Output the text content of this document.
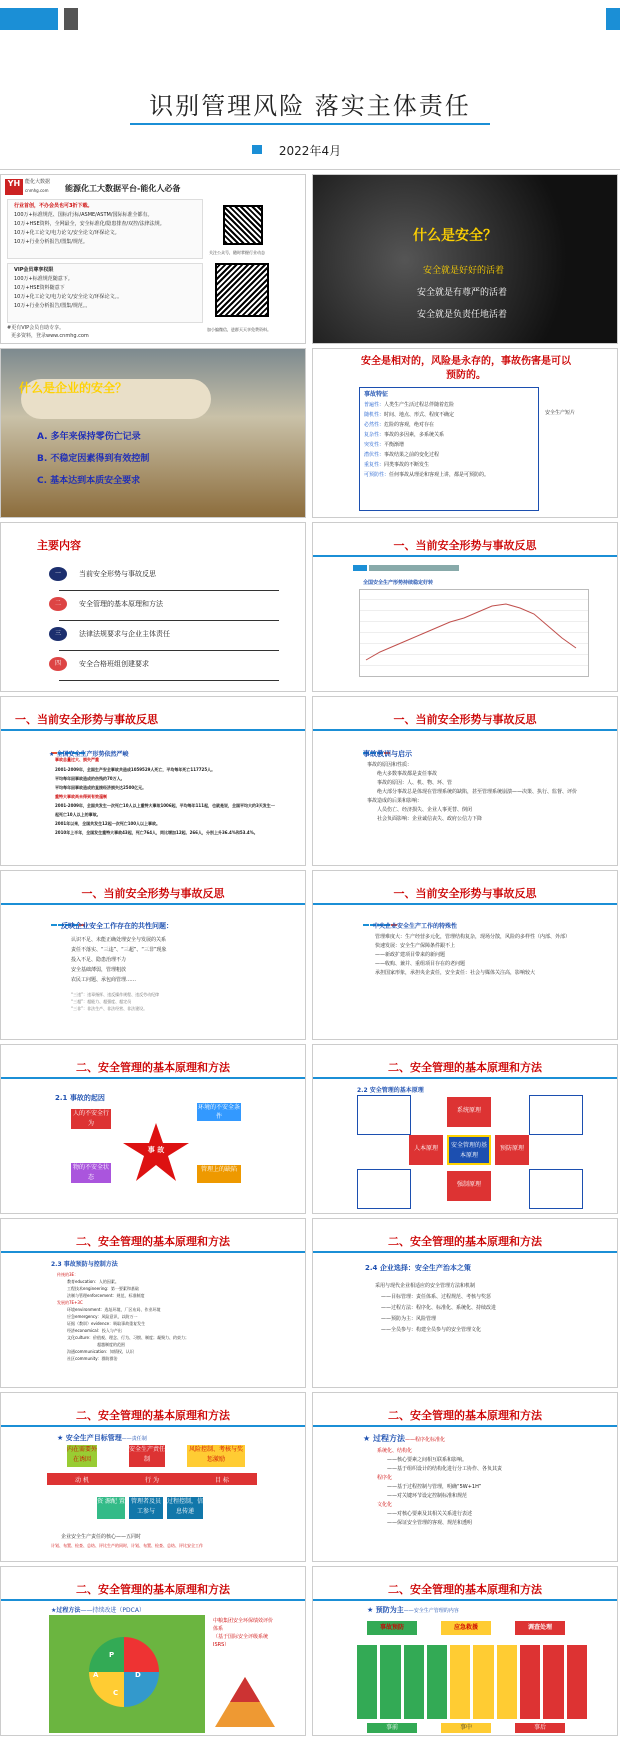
识别管理风险 落实主体责任
2022年4月
YH 能化大数据
cnmhg.com 能源化工大数据平台-能化人必备
行业首创，不办会员也可3折下载。
100万+标准规范、国标/行标/ASME/ASTM/国际标准全都有。
10万+HSE资料，全网最全，安全标准化/隐患排查/双控/法律法规。
10万+化工论文/电力论文/安全论文/环保论文。
10万+行业分析报告/图集/规范。
VIP会员尊享权限
100万+标准规范随意下。
10万+HSE资料随意下
10万+化工论文/电力论文/安全论文/环保论文。。
10万+行业分析报告/图集/规范。。
#更有VIP会员自助专享。
更多资料，登录www.cnmhg.com
关注公众号，随时掌握行业动态
加小编微信，进群天天享免费资料。
什么是安全？
安全就是好好的活着
安全就是有尊严的活着
安全就是负责任地活着
什么是企业的安全？
A. 多年来保持零伤亡记录
B. 不稳定因素得到有效控制
C. 基本达到本质安全要求
安全是相对的，风险是永存的，事故伤害是可以预防的。
事故特征
普遍性：人类生产生活过程总伴随着危险
随机性：时间、地点、形式、程度不确定
必然性：危险的客观，绝对存在
复杂性：事故的多因素，多系统关系
突发性：平衡渐增
潜伏性：事故结果之前的变化过程
重复性：同类事故的不断发生
可预防性：任何事故从理论和客观上讲，都是可预防的。
安全生产短片
主要内容
一	当前安全形势与事故反思
二	安全管理的基本原理和方法
三	法律法规要求与企业主体责任
四	安全合格班组创建要求
一、当前安全形势与事故反思
全国安全生产形势持续稳定好转
一、当前安全形势与事故反思
★ 全国安全生产形势依然严峻
事故总量过大、损失严重
2001-2009年，全国生产安全事故共造成1059529人死亡，平均每年死亡117725人。
平均每年因事故造成的伤残约70万人。
平均每年因事故造成的直接经济损失达2500亿元。
重特大事故尚未得到有效遏制
2001-2009年，全国共发生一次死亡10人以上重特大事故1006起，平均每年111起，也就是说，全国平均大约3天发生一起死亡10人以上的事故。
2001年以来，全国共发生12起一次死亡100人以上事故。
2010年上半年，全国发生重特大事故43起，死亡764人，同比增加12起、266人，分别上升36.4%和53.4%。
一、当前安全形势与事故反思
事故教训与启示
事故的原因和性质：
绝大多数事故都是责任事故
事故的原因：人、机、物、环、管
绝大部分事故总是体现在管理系统的缺陷，甚至管理系统崩溃——决策、执行、监督、评价
事故造成的后果和影响：
人员伤亡、经济损失、企业人事更替、倒闭
社会负面影响：企业诚信丧失、政府公信力下降
一、当前安全形势与事故反思
反映企业安全工作存在的共性问题：
认识不足、未能正确处理安全与发展的关系
责任不落实、“三违”、“三超”、“三非”现象
投入不足、隐患治理不力
安全基础薄弱，管理粗放
农民工问题、承包商管理……
“三违”：违章指挥、违反操作规程、违反劳动纪律
“三超”：超能力、超强度、超定员
“三非”：非法生产、非法经营、非法建设。
一、当前安全形势与事故反思
中央企业安全生产工作的特殊性
管理难度大：生产经营多元化，管理结构复杂，现场分散，风险的多样性（内部、外部）
快速发展：安全生产保障条件跟不上
——新政扩建项目带来的新问题
——收购、兼并、重组项目存在的老问题
承担国家形象，承担央企责任，安全责任：社会与媒体关注高，影响较大
二、安全管理的基本原理和方法
2.1 事故的起因
人的不安全行为
环境的不安全条件
物的不安全状态
管理上的缺陷
事 故
二、安全管理的基本原理和方法
2.2 安全管理的基本原理
安全管理的基本原理
系统原理
人本原理	预防原理
强制原理
二、安全管理的基本原理和方法
2.3 事故预防与控制方法
传统的3E：
教育education：人的因素。
工程技术engineering：第一要素和基础
法制与管理enforcement：规范，标准制度
发展的7E+3C
环境environment：选址环境、厂区布局、作业环境
应急emergency：风险意识，以防万一
证据（教训）evidence：吸取事故重复发生
经济economical：投入与产出
文化culture：价值观、理念、行为、习惯、制度；凝聚力、约束力；
超越制度的范围
沟通communication：知情权、认识
社区community：群防群治
二、安全管理的基本原理和方法
2.4 企业选择：安全生产治本之策
采用与现代企业相适应的安全管理方法和机制
——目标管理：责任体系、过程规范、考核与奖惩
——过程方法：程序化、标准化、系统化、持续改进
——预防为主：风险管理
——全员参与：构建全员参与的安全管理文化
二、安全管理的基本原理和方法
★ 安全生产目标管理——责任制
内在需要外在诱因
安全生产责任制
风险控制、考核与奖惩激励
动 机	行 为	目 标
资 源配 置	管理者及员工参与
过程控制，信息传递
企业安全生产责任的核心——五同时
计划、布置、检查、总结、评比生产的同时，计划、布置、检查、总结、评比安全工作
二、安全管理的基本原理和方法
★ 过程方法——程序化标准化
系统化、结构化
——核心要素之间相互联系和影响。
——基于组织设计的结构化进行分工协作、各负其责
程序化
——基于过程控制与管理，明确“5W+1H”
——对关键环节设定控制标准和规范
文化化
——对核心要素及其相关关系进行表述
——保证安全管理的客观、规范和透明
二、安全管理的基本原理和方法
★过程方法——持续改进（PDCA）
P
D
C
A
中粮集团安全环保绩效评价体系
（基于国际安全评级系统ISRS）
二、安全管理的基本原理和方法
★ 预防为主——安全生产管理的内容
事故预防	应急救援	调查处理
事前	事中	事后
